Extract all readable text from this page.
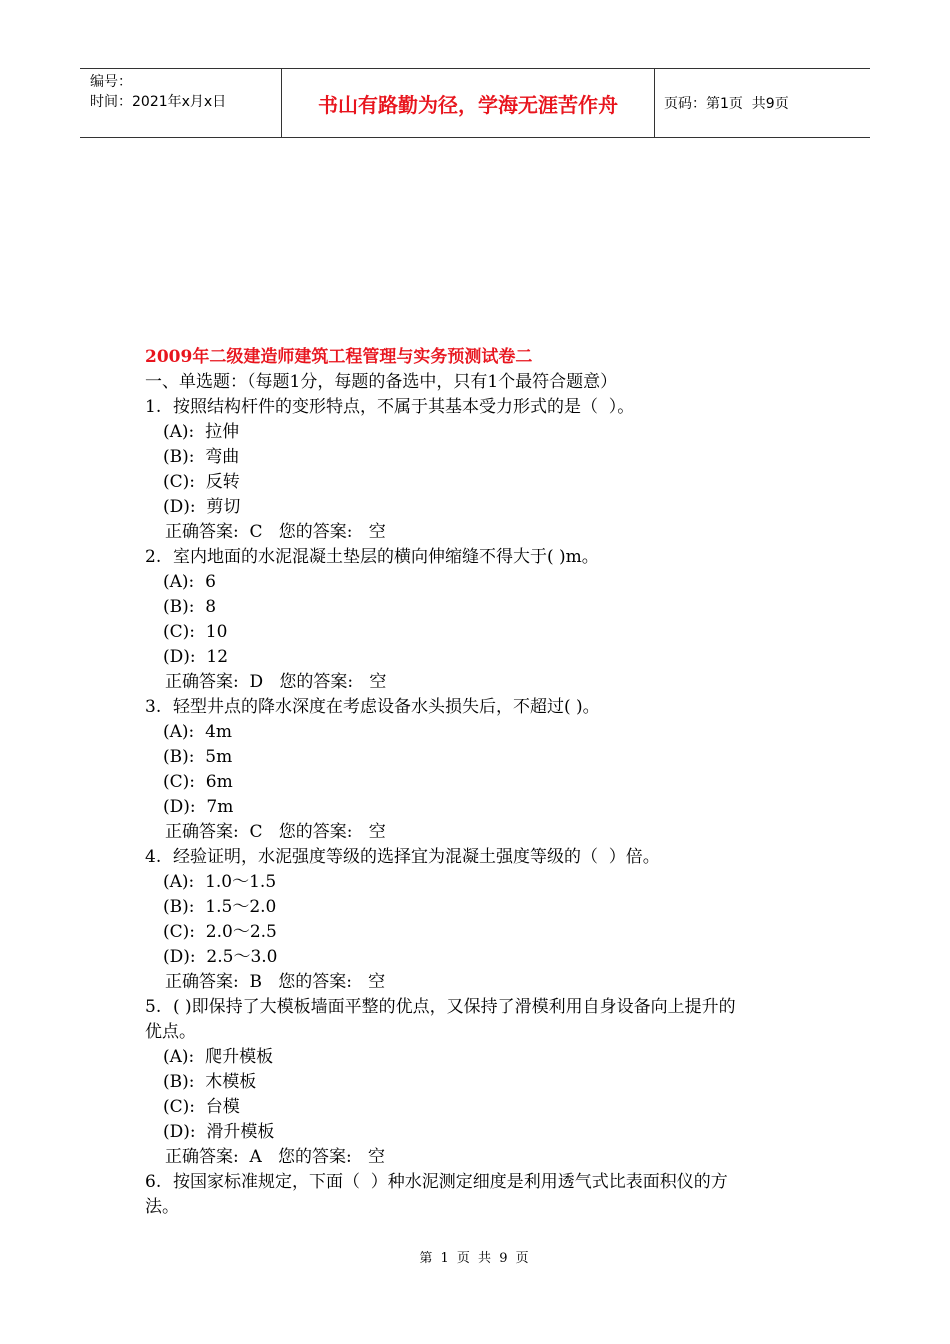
编号：
时间：2021年x月x日	书山有路勤为径，学海无涯苦作舟	页码：第1页  共9页
2009年二级建造师建筑工程管理与实务预测试卷二
一、单选题：（每题1分，每题的备选中，只有1个最符合题意）
1. 按照结构杆件的变形特点，不属于其基本受力形式的是（  ）。
(A):  拉伸
(B):  弯曲
(C):  反转
(D):  剪切
正确答案:  C   您的答案:   空
2. 室内地面的水泥混凝土垫层的横向伸缩缝不得大于( )m。
(A):  6
(B):  8
(C):  10
(D):  12
正确答案:  D   您的答案:   空
3. 轻型井点的降水深度在考虑设备水头损失后，不超过( )。
(A):  4m
(B):  5m
(C):  6m
(D):  7m
正确答案:  C   您的答案:   空
4. 经验证明，水泥强度等级的选择宜为混凝土强度等级的（  ）倍。
(A):  1.0～1.5
(B):  1.5～2.0
(C):  2.0～2.5
(D):  2.5～3.0
正确答案:  B   您的答案:   空
5. ( )即保持了大模板墙面平整的优点，又保持了滑模利用自身设备向上提升的
优点。
(A):  爬升模板
(B):  木模板
(C):  台模
(D):  滑升模板
正确答案:  A   您的答案:   空
6. 按国家标准规定，下面（  ）种水泥测定细度是利用透气式比表面积仪的方
法。
第 1 页 共 9 页
